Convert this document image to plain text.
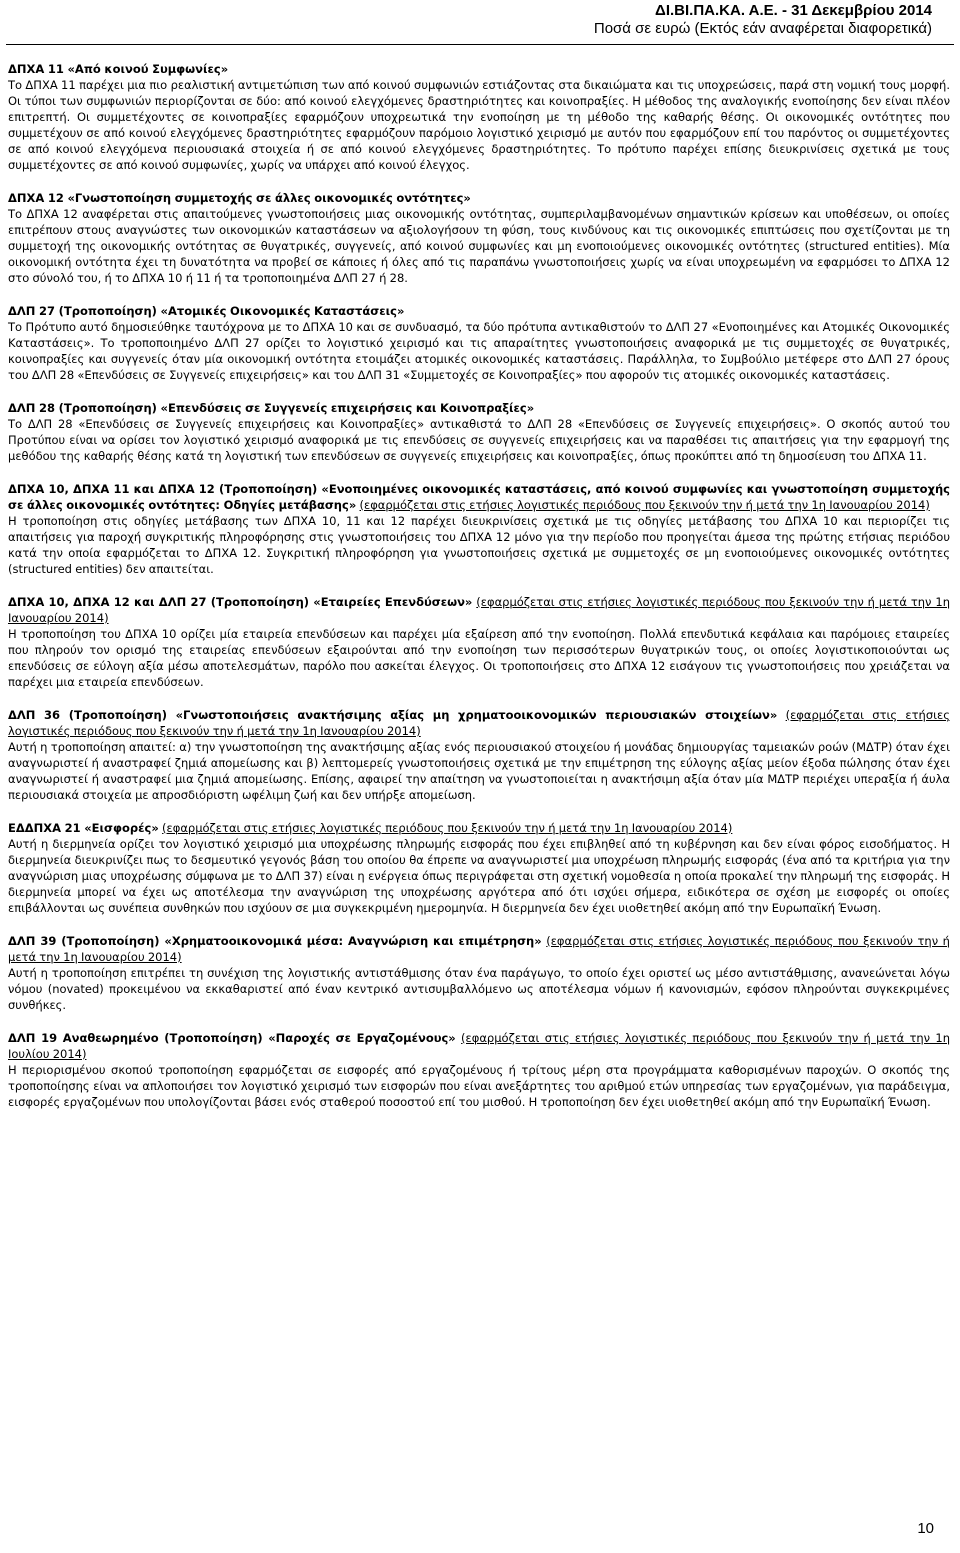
ΔΙ.ΒΙ.ΠΑ.ΚΑ. Α.Ε. - 31 Δεκεμβρίου 2014
Ποσά σε ευρώ (Εκτός εάν αναφέρεται διαφορετικά)

ΔΠΧΑ 11 «Από κοινού Συμφωνίες»

Το ΔΠΧΑ 11 παρέχει μια πιο ρεαλιστική αντιμετώπιση των από κοινού συμφωνιών εστιάζοντας στα δικαιώματα και τις υποχρεώσεις, παρά στη νομική τους μορφή. Οι τύποι των συμφωνιών περιορίζονται σε δύο: από κοινού ελεγχόμενες δραστηριότητες και κοινοπραξίες. Η μέθοδος της αναλογικής ενοποίησης δεν είναι πλέον επιτρεπτή. Οι συμμετέχοντες σε κοινοπραξίες εφαρμόζουν υποχρεωτικά την ενοποίηση με τη μέθοδο της καθαρής θέσης. Οι οικονομικές οντότητες που συμμετέχουν σε από κοινού ελεγχόμενες δραστηριότητες εφαρμόζουν παρόμοιο λογιστικό χειρισμό με αυτόν που εφαρμόζουν επί του παρόντος οι συμμετέχοντες σε από κοινού ελεγχόμενα περιουσιακά στοιχεία ή σε από κοινού ελεγχόμενες δραστηριότητες. Το πρότυπο παρέχει επίσης διευκρινίσεις σχετικά με τους συμμετέχοντες σε από κοινού συμφωνίες, χωρίς να υπάρχει από κοινού έλεγχος.

ΔΠΧΑ 12 «Γνωστοποίηση συμμετοχής σε άλλες οικονομικές οντότητες»

Το ΔΠΧΑ 12 αναφέρεται στις απαιτούμενες γνωστοποιήσεις μιας οικονομικής οντότητας, συμπεριλαμβανομένων σημαντικών κρίσεων και υποθέσεων, οι οποίες επιτρέπουν στους αναγνώστες των οικονομικών καταστάσεων να αξιολογήσουν τη φύση, τους κινδύνους και τις οικονομικές επιπτώσεις που σχετίζονται με τη συμμετοχή της οικονομικής οντότητας σε θυγατρικές, συγγενείς, από κοινού συμφωνίες και μη ενοποιούμενες οικονομικές οντότητες (structured entities). Μία οικονομική οντότητα έχει τη δυνατότητα να προβεί σε κάποιες ή όλες από τις παραπάνω γνωστοποιήσεις χωρίς να είναι υποχρεωμένη να εφαρμόσει το ΔΠΧΑ 12 στο σύνολό του, ή το ΔΠΧΑ 10 ή 11 ή τα τροποποιημένα ΔΛΠ 27 ή 28.

ΔΛΠ 27 (Τροποποίηση) «Ατομικές Οικονομικές Καταστάσεις»

Το Πρότυπο αυτό δημοσιεύθηκε ταυτόχρονα με το ΔΠΧΑ 10 και σε συνδυασμό, τα δύο πρότυπα αντικαθιστούν το ΔΛΠ 27 «Ενοποιημένες και Ατομικές Οικονομικές Καταστάσεις». Το τροποποιημένο ΔΛΠ 27 ορίζει το λογιστικό χειρισμό και τις απαραίτητες γνωστοποιήσεις αναφορικά με τις συμμετοχές σε θυγατρικές, κοινοπραξίες και συγγενείς όταν μία οικονομική οντότητα ετοιμάζει ατομικές οικονομικές καταστάσεις. Παράλληλα, το Συμβούλιο μετέφερε στο ΔΛΠ 27 όρους του ΔΛΠ 28 «Επενδύσεις σε Συγγενείς επιχειρήσεις» και του ΔΛΠ 31 «Συμμετοχές σε Κοινοπραξίες» που αφορούν τις ατομικές οικονομικές καταστάσεις.

ΔΛΠ 28 (Τροποποίηση) «Επενδύσεις σε Συγγενείς επιχειρήσεις και Κοινοπραξίες»

Το ΔΛΠ 28 «Επενδύσεις σε Συγγενείς επιχειρήσεις και Κοινοπραξίες» αντικαθιστά το ΔΛΠ 28 «Επενδύσεις σε Συγγενείς επιχειρήσεις». Ο σκοπός αυτού του Προτύπου είναι να ορίσει τον λογιστικό χειρισμό αναφορικά με τις επενδύσεις σε συγγενείς επιχειρήσεις και να παραθέσει τις απαιτήσεις για την εφαρμογή της μεθόδου της καθαρής θέσης κατά τη λογιστική των επενδύσεων σε συγγενείς επιχειρήσεις και κοινοπραξίες, όπως προκύπτει από τη δημοσίευση του ΔΠΧΑ 11.

ΔΠΧΑ 10, ΔΠΧΑ 11 και ΔΠΧΑ 12 (Τροποποίηση) «Ενοποιημένες οικονομικές καταστάσεις, από κοινού συμφωνίες και γνωστοποίηση συμμετοχής σε άλλες οικονομικές οντότητες: Οδηγίες μετάβασης» (εφαρμόζεται στις ετήσιες λογιστικές περιόδους που ξεκινούν την ή μετά την 1η Ιανουαρίου 2014)

Η τροποποίηση στις οδηγίες μετάβασης των ΔΠΧΑ 10, 11 και 12 παρέχει διευκρινίσεις σχετικά με τις οδηγίες μετάβασης του ΔΠΧΑ 10 και περιορίζει τις απαιτήσεις για παροχή συγκριτικής πληροφόρησης στις γνωστοποιήσεις του ΔΠΧΑ 12 μόνο για την περίοδο που προηγείται άμεσα της πρώτης ετήσιας περιόδου κατά την οποία εφαρμόζεται το ΔΠΧΑ 12. Συγκριτική πληροφόρηση για γνωστοποιήσεις σχετικά με συμμετοχές σε μη ενοποιούμενες οικονομικές οντότητες (structured entities) δεν απαιτείται.

ΔΠΧΑ 10, ΔΠΧΑ 12 και ΔΛΠ 27 (Τροποποίηση) «Εταιρείες Επενδύσεων» (εφαρμόζεται στις ετήσιες λογιστικές περιόδους που ξεκινούν την ή μετά την 1η Ιανουαρίου 2014)

Η τροποποίηση του ΔΠΧΑ 10 ορίζει μία εταιρεία επενδύσεων και παρέχει μία εξαίρεση από την ενοποίηση. Πολλά επενδυτικά κεφάλαια και παρόμοιες εταιρείες που πληρούν τον ορισμό της εταιρείας επενδύσεων εξαιρούνται από την ενοποίηση των περισσότερων θυγατρικών τους, οι οποίες λογιστικοποιούνται ως επενδύσεις σε εύλογη αξία μέσω αποτελεσμάτων, παρόλο που ασκείται έλεγχος. Οι τροποποιήσεις στο ΔΠΧΑ 12 εισάγουν τις γνωστοποιήσεις που χρειάζεται να παρέχει μια εταιρεία επενδύσεων.

ΔΛΠ 36 (Τροποποίηση) «Γνωστοποιήσεις ανακτήσιμης αξίας μη χρηματοοικονομικών περιουσιακών στοιχείων» (εφαρμόζεται στις ετήσιες λογιστικές περιόδους που ξεκινούν την ή μετά την 1η Ιανουαρίου 2014)

Αυτή η τροποποίηση απαιτεί: α) την γνωστοποίηση της ανακτήσιμης αξίας ενός περιουσιακού στοιχείου ή μονάδας δημιουργίας ταμειακών ροών (ΜΔΤΡ) όταν έχει αναγνωριστεί ή αναστραφεί ζημιά απομείωσης και β) λεπτομερείς γνωστοποιήσεις σχετικά με την επιμέτρηση της εύλογης αξίας μείον έξοδα πώλησης όταν έχει αναγνωριστεί ή αναστραφεί μια ζημιά απομείωσης. Επίσης, αφαιρεί την απαίτηση να γνωστοποιείται η ανακτήσιμη αξία όταν μία ΜΔΤΡ περιέχει υπεραξία ή άυλα περιουσιακά στοιχεία με απροσδιόριστη ωφέλιμη ζωή και δεν υπήρξε απομείωση.

ΕΔΔΠΧΑ 21 «Εισφορές» (εφαρμόζεται στις ετήσιες λογιστικές περιόδους που ξεκινούν την ή μετά την 1η Ιανουαρίου 2014)

Αυτή η διερμηνεία ορίζει τον λογιστικό χειρισμό μια υποχρέωσης πληρωμής εισφοράς που έχει επιβληθεί από τη κυβέρνηση και δεν είναι φόρος εισοδήματος. Η διερμηνεία διευκρινίζει πως το δεσμευτικό γεγονός βάση του οποίου θα έπρεπε να αναγνωριστεί μια υποχρέωση πληρωμής εισφοράς (ένα από τα κριτήρια για την αναγνώριση μιας υποχρέωσης σύμφωνα με το ΔΛΠ 37) είναι η ενέργεια όπως περιγράφεται στη σχετική νομοθεσία η οποία προκαλεί την πληρωμή της εισφοράς. Η διερμηνεία μπορεί να έχει ως αποτέλεσμα την αναγνώριση της υποχρέωσης αργότερα από ότι ισχύει σήμερα, ειδικότερα σε σχέση με εισφορές οι οποίες επιβάλλονται ως συνέπεια συνθηκών που ισχύουν σε μια συγκεκριμένη ημερομηνία. Η διερμηνεία δεν έχει υιοθετηθεί ακόμη από την Ευρωπαϊκή Ένωση.

ΔΛΠ 39 (Τροποποίηση) «Χρηματοοικονομικά μέσα: Αναγνώριση και επιμέτρηση» (εφαρμόζεται στις ετήσιες λογιστικές περιόδους που ξεκινούν την ή μετά την 1η Ιανουαρίου 2014)

Αυτή η τροποποίηση επιτρέπει τη συνέχιση της λογιστικής αντιστάθμισης όταν ένα παράγωγο, το οποίο έχει οριστεί ως μέσο αντιστάθμισης, ανανεώνεται λόγω νόμου (novated) προκειμένου να εκκαθαριστεί από έναν κεντρικό αντισυμβαλλόμενο ως αποτέλεσμα νόμων ή κανονισμών, εφόσον πληρούνται συγκεκριμένες συνθήκες.

ΔΛΠ 19 Αναθεωρημένο (Τροποποίηση) «Παροχές σε Εργαζομένους» (εφαρμόζεται στις ετήσιες λογιστικές περιόδους που ξεκινούν την ή μετά την 1η Ιουλίου 2014)

Η περιορισμένου σκοπού τροποποίηση εφαρμόζεται σε εισφορές από εργαζομένους ή τρίτους μέρη στα προγράμματα καθορισμένων παροχών. Ο σκοπός της τροποποίησης είναι να απλοποιήσει τον λογιστικό χειρισμό των εισφορών που είναι ανεξάρτητες του αριθμού ετών υπηρεσίας των εργαζομένων, για παράδειγμα, εισφορές εργαζομένων που υπολογίζονται βάσει ενός σταθερού ποσοστού επί του μισθού. Η τροποποίηση δεν έχει υιοθετηθεί ακόμη από την Ευρωπαϊκή Ένωση.

10
